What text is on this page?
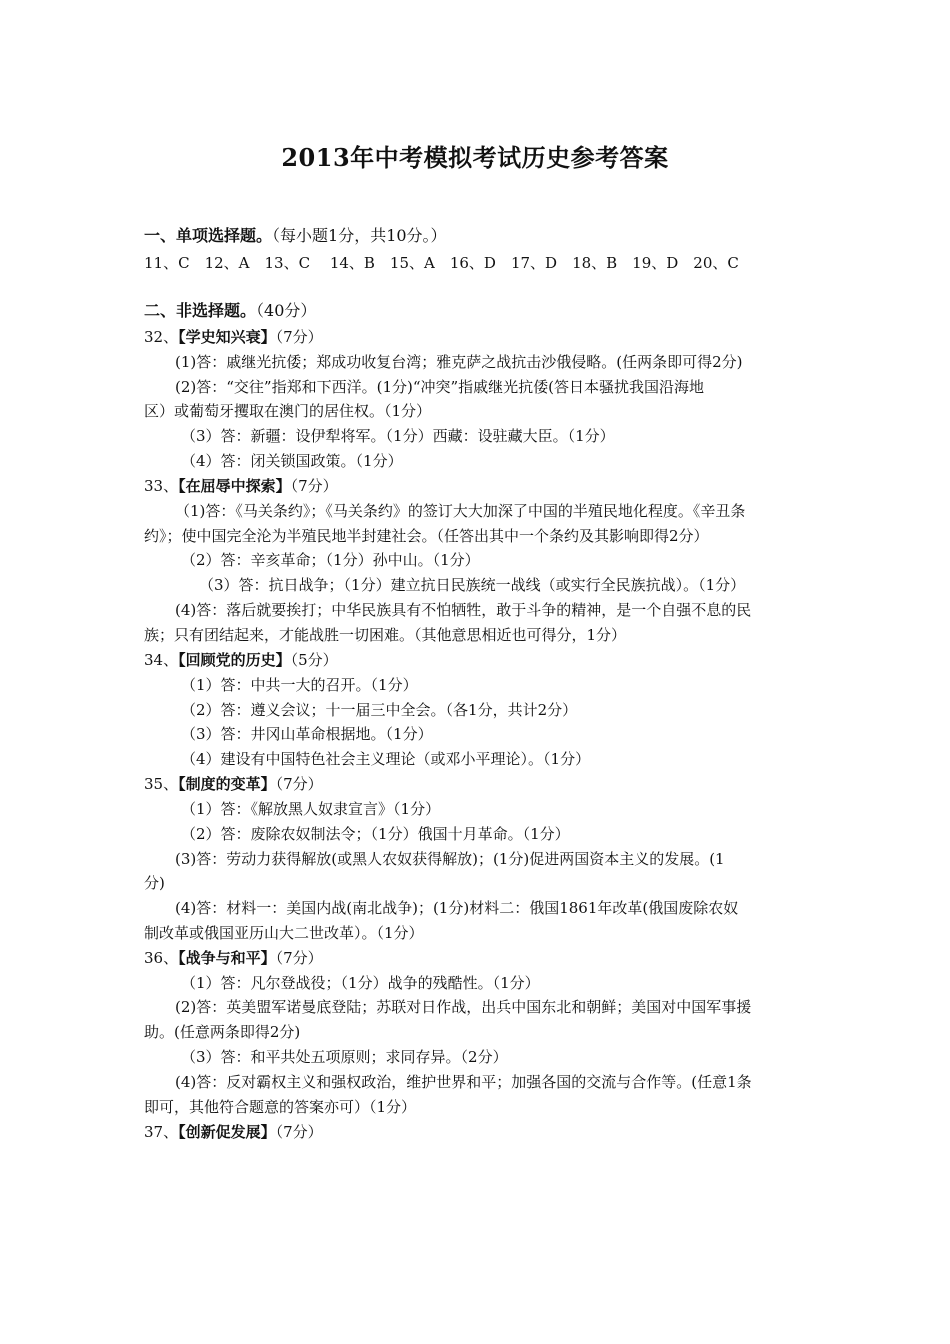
2013年中考模拟考试历史参考答案
一、单项选择题。（每小题1分，共10分。）
11、C　12、A　13、C　 14、B　15、A　16、D　17、D　18、B　19、D　20、C
二、非选择题。（40分）
32、【学史知兴衰】（7分）
(1)答：戚继光抗倭；郑成功收复台湾；雅克萨之战抗击沙俄侵略。(任两条即可得2分)
(2)答：“交往”指郑和下西洋。(1分)“冲突”指戚继光抗倭(答日本骚扰我国沿海地
区）或葡萄牙攫取在澳门的居住权。（1分）
（3）答：新疆：设伊犁将军。（1分）西藏：设驻藏大臣。（1分）
（4）答：闭关锁国政策。（1分）
33、【在屈辱中探索】（7分）
（1)答：《马关条约》；《马关条约》的签订大大加深了中国的半殖民地化程度。《辛丑条
约》；使中国完全沦为半殖民地半封建社会。（任答出其中一个条约及其影响即得2分）
（2）答：辛亥革命；（1分）孙中山。（1分）
（3）答：抗日战争；（1分）建立抗日民族统一战线（或实行全民族抗战）。（1分）
(4)答：落后就要挨打；中华民族具有不怕牺牲，敢于斗争的精神，是一个自强不息的民
族；只有团结起来，才能战胜一切困难。（其他意思相近也可得分，1分）
34、【回顾党的历史】（5分）
（1）答：中共一大的召开。（1分）
（2）答：遵义会议；十一届三中全会。（各1分，共计2分）
（3）答：井冈山革命根据地。（1分）
（4）建设有中国特色社会主义理论（或邓小平理论）。（1分）
35、【制度的变革】（7分）
（1）答：《解放黑人奴隶宣言》（1分）
（2）答：废除农奴制法令；（1分）俄国十月革命。（1分）
(3)答：劳动力获得解放(或黑人农奴获得解放)；(1分)促进两国资本主义的发展。(1
分)
(4)答：材料一：美国内战(南北战争)；(1分)材料二：俄国1861年改革(俄国废除农奴
制改革或俄国亚历山大二世改革）。（1分）
36、【战争与和平】（7分）
（1）答：凡尔登战役；（1分）战争的残酷性。（1分）
(2)答：英美盟军诺曼底登陆；苏联对日作战，出兵中国东北和朝鲜；美国对中国军事援
助。(任意两条即得2分)
（3）答：和平共处五项原则；求同存异。（2分）
(4)答：反对霸权主义和强权政治，维护世界和平；加强各国的交流与合作等。(任意1条
即可，其他符合题意的答案亦可）（1分）
37、【创新促发展】（7分）
